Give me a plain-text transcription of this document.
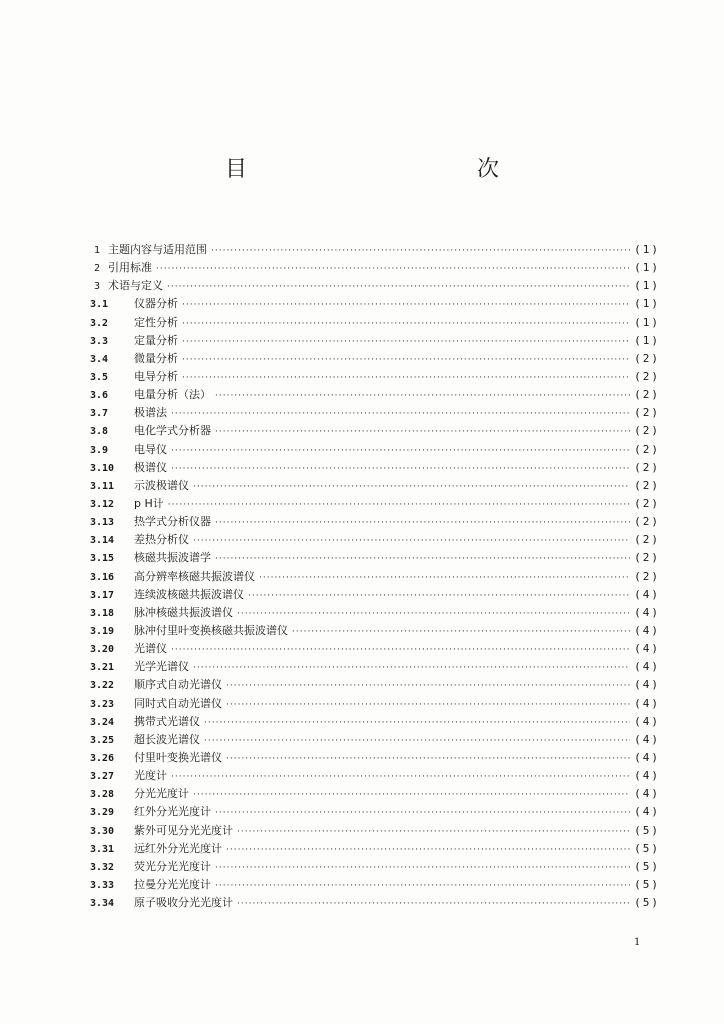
目　　次
1 主题内容与适用范围 ·····	(1)
2 引用标准 ·····	(1)
3 术语与定义 ·····	(1)
3.1	仪器分析 ·····	(1)
3.2	定性分析 ·····	(1)
3.3	定量分析 ·····	(1)
3.4	微量分析 ·····	(2)
3.5	电导分析 ·····	(2)
3.6	电量分析（法） ·····	(2)
3.7	极谱法 ·····	(2)
3.8	电化学式分析器 ·····	(2)
3.9	电导仪 ·····	(2)
3.10	极谱仪 ·····	(2)
3.11	示波极谱仪 ·····	(2)
3.12	p H计 ·····	(2)
3.13	热学式分析仪器 ·····	(2)
3.14	差热分析仪 ·····	(2)
3.15	核磁共振波谱学 ·····	(2)
3.16	高分辨率核磁共振波谱仪 ·····	(2)
3.17	连续波核磁共振波谱仪 ·····	(4)
3.18	脉冲核磁共振波谱仪 ·····	(4)
3.19	脉冲付里叶变换核磁共振波谱仪 ·····	(4)
3.20	光谱仪 ·····	(4)
3.21	光学光谱仪 ·····	(4)
3.22	顺序式自动光谱仪 ·····	(4)
3.23	同时式自动光谱仪 ·····	(4)
3.24	携带式光谱仪 ·····	(4)
3.25	超长波光谱仪 ·····	(4)
3.26	付里叶变换光谱仪 ·····	(4)
3.27	光度计 ·····	(4)
3.28	分光光度计 ·····	(4)
3.29	红外分光光度计 ·····	(4)
3.30	紫外可见分光光度计 ·····	(5)
3.31	远红外分光光度计 ·····	(5)
3.32	荧光分光光度计 ·····	(5)
3.33	拉曼分光光度计 ·····	(5)
3.34	原子吸收分光光度计 ·····	(5)
1
